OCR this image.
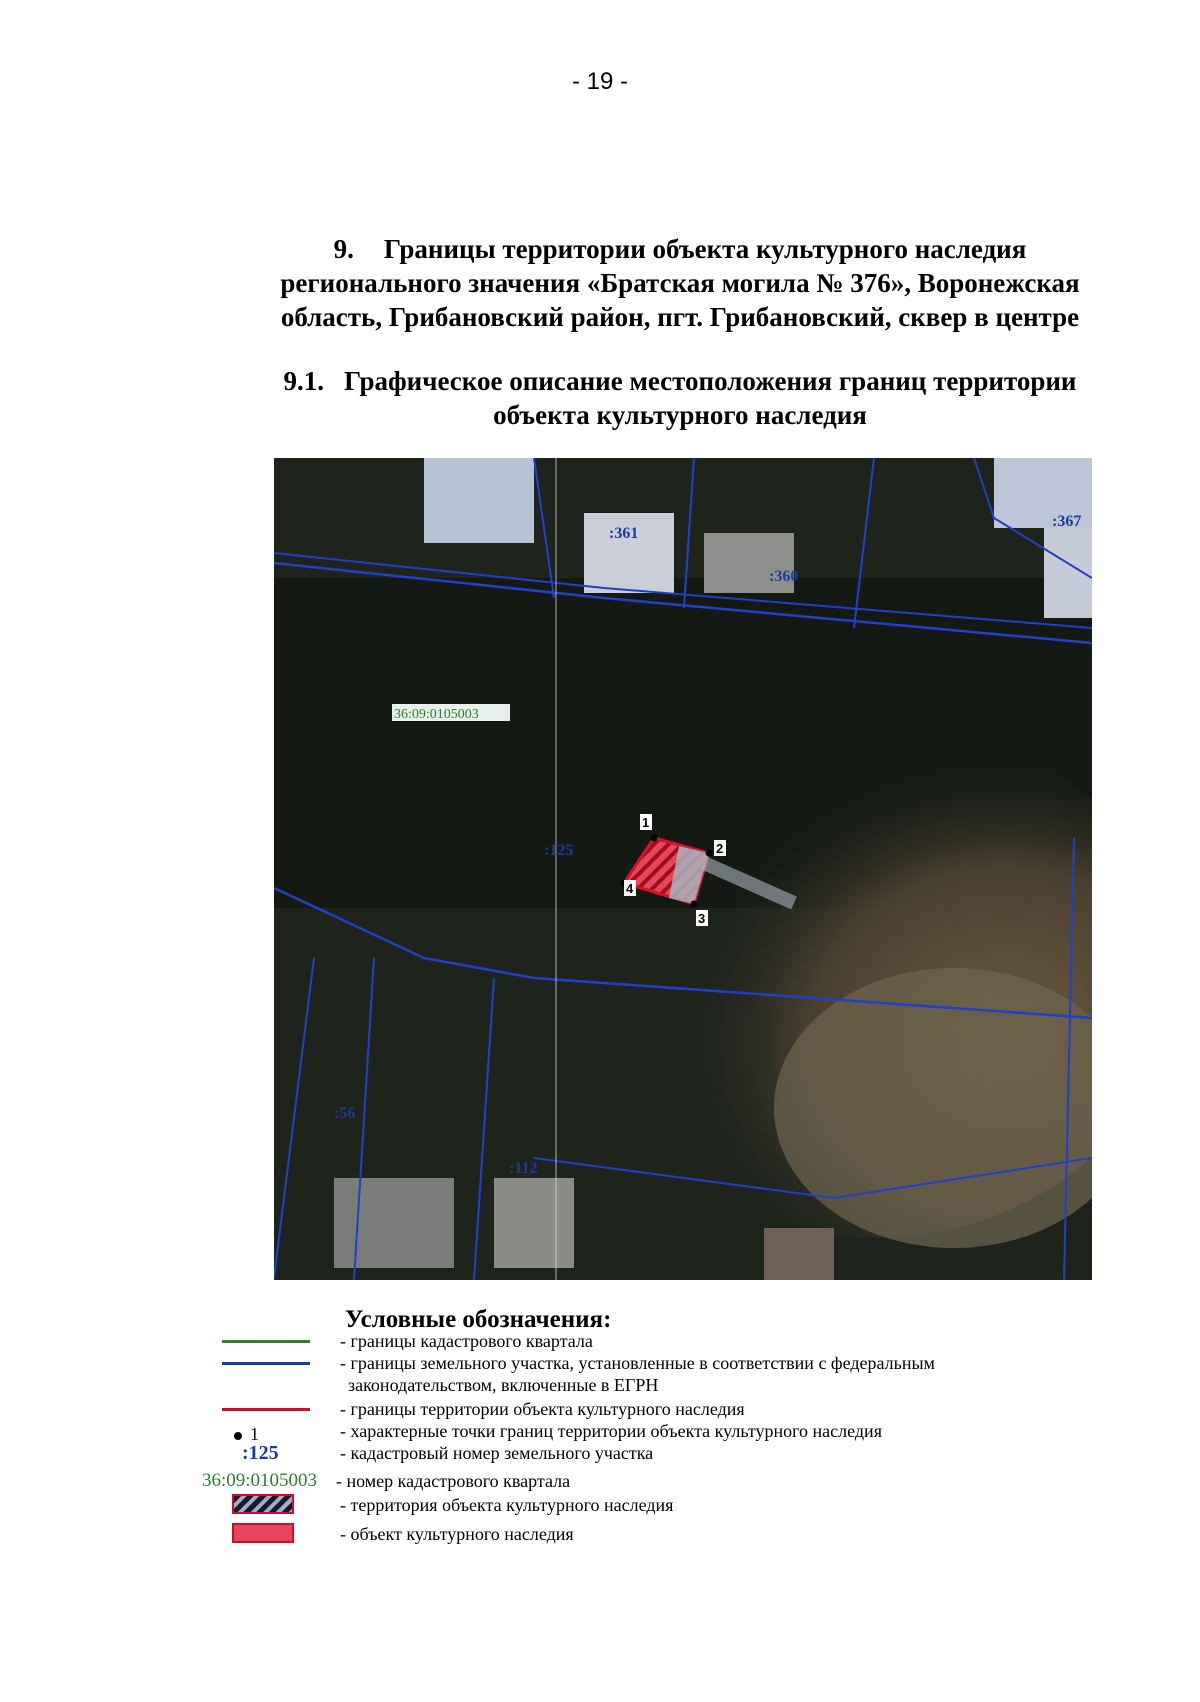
- 19 -
9. Границы территории объекта культурного наследия
регионального значения «Братская могила № 376», Воронежская
область, Грибановский район, пгт. Грибановский, сквер в центре
9.1. Графическое описание местоположения границ территории
объекта культурного наследия
1
2
3
4
:361
:360
:367
:125
:112
:56
36:09:0105003
Условные обозначения:
- границы кадастрового квартала
- границы земельного участка, установленные в соответствии с федеральным
законодательством, включенные в ЕГРН
- границы территории объекта культурного наследия
1	- характерные точки границ территории объекта культурного наследия
:125	- кадастровый номер земельного участка
36:09:0105003 - номер кадастрового квартала
- территория объекта культурного наследия
- объект культурного наследия
